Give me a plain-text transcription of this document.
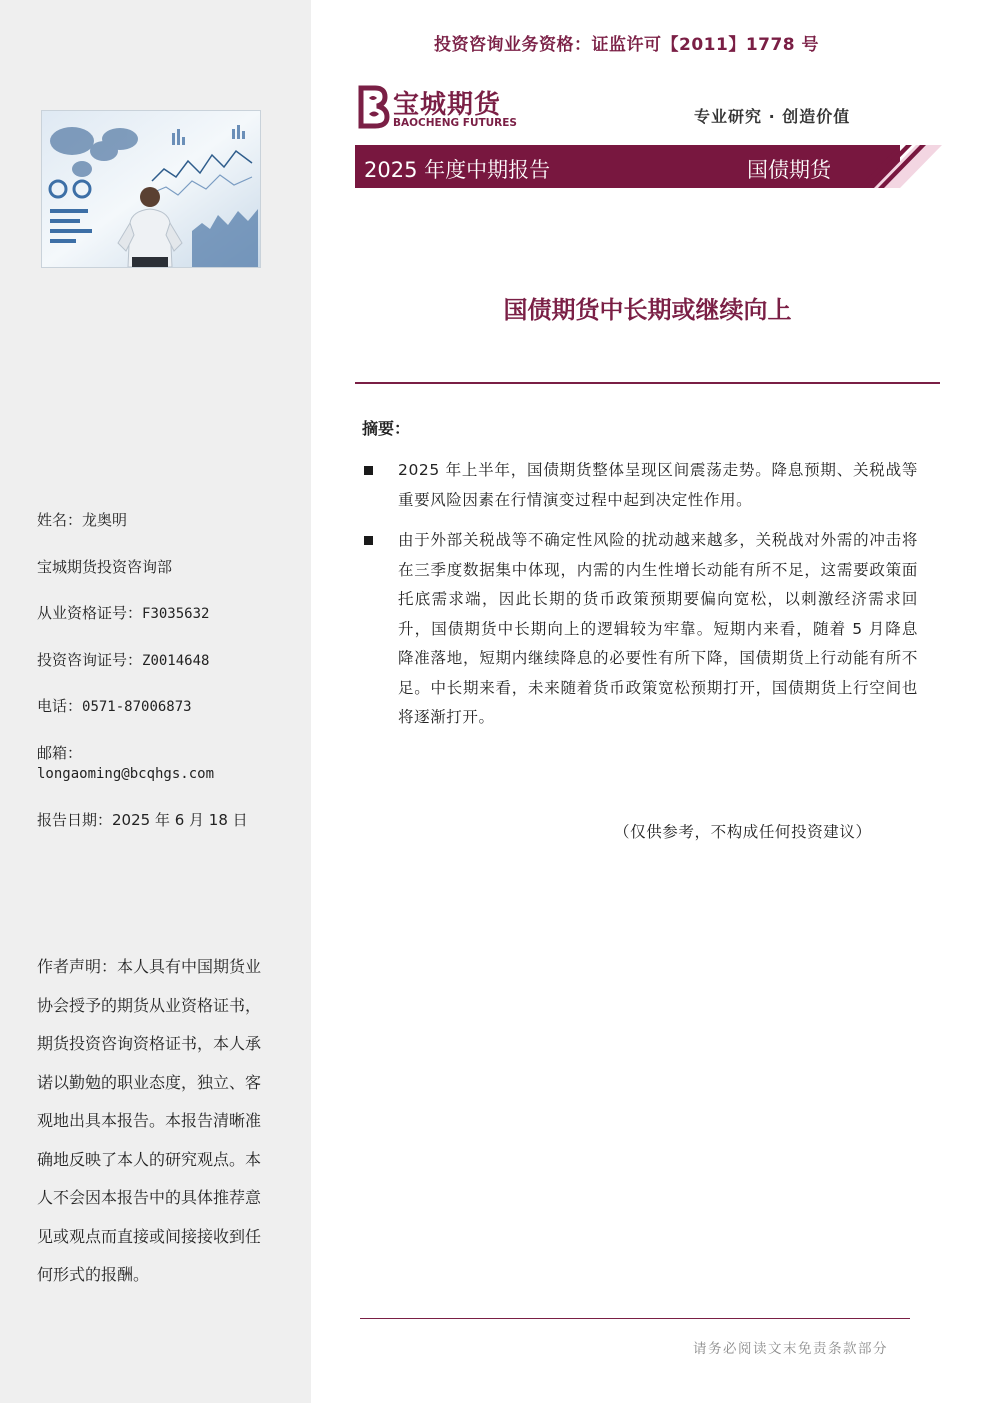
姓名：龙奥明
宝城期货投资咨询部
从业资格证号：F3035632
投资咨询证号：Z0014648
电话：0571-87006873
邮箱：
longaoming@bcqhgs.com
报告日期：2025 年 6 月 18 日
作者声明：本人具有中国期货业协会授予的期货从业资格证书，期货投资咨询资格证书，本人承诺以勤勉的职业态度，独立、客观地出具本报告。本报告清晰准确地反映了本人的研究观点。本人不会因本报告中的具体推荐意见或观点而直接或间接接收到任何形式的报酬。
投资咨询业务资格：证监许可【2011】1778 号
宝城期货
BAOCHENG FUTURES	专业研究 · 创造价值
2025 年度中期报告	国债期货
国债期货中长期或继续向上
摘要：
2025 年上半年，国债期货整体呈现区间震荡走势。降息预期、关税战等重要风险因素在行情演变过程中起到决定性作用。
由于外部关税战等不确定性风险的扰动越来越多，关税战对外需的冲击将在三季度数据集中体现，内需的内生性增长动能有所不足，这需要政策面托底需求端，因此长期的货币政策预期要偏向宽松，以刺激经济需求回升，国债期货中长期向上的逻辑较为牢靠。短期内来看，随着 5 月降息降准落地，短期内继续降息的必要性有所下降，国债期货上行动能有所不足。中长期来看，未来随着货币政策宽松预期打开，国债期货上行空间也将逐渐打开。
（仅供参考，不构成任何投资建议）
请务必阅读文末免责条款部分
